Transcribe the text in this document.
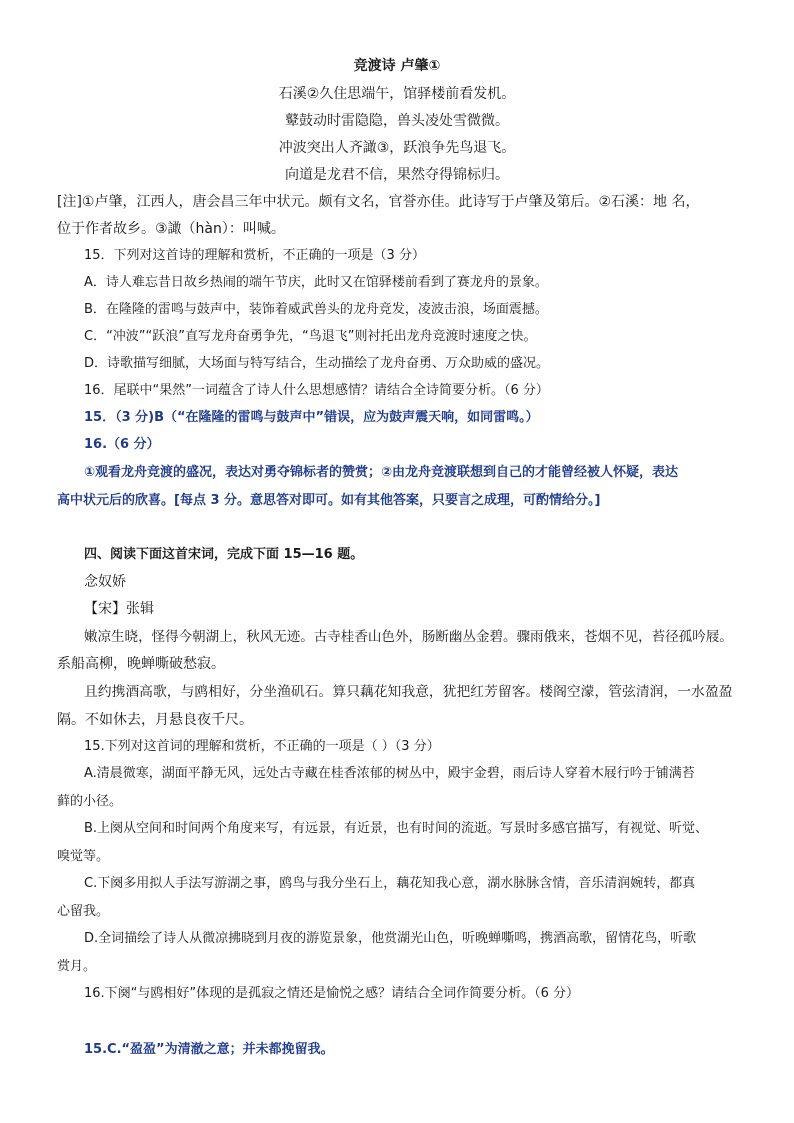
竞渡诗 卢肇①
石溪②久住思端午，馆驿楼前看发机。
鼙鼓动时雷隐隐，兽头凌处雪微微。
冲波突出人齐譀③，跃浪争先鸟退飞。
向道是龙君不信，果然夺得锦标归。
[注]①卢肇，江西人，唐会昌三年中状元。颇有文名，官誉亦佳。此诗写于卢肇及第后。②石溪：地 名，
位于作者故乡。③譀（hàn）：叫喊。
15．下列对这首诗的理解和赏析，不正确的一项是（3 分）
A．诗人难忘昔日故乡热闹的端午节庆，此时又在馆驿楼前看到了赛龙舟的景象。
B．在隆隆的雷鸣与鼓声中，装饰着威武兽头的龙舟竞发，凌波击浪，场面震撼。
C．“冲波”“跃浪”直写龙舟奋勇争先，“鸟退飞”则衬托出龙舟竞渡时速度之快。
D．诗歌描写细腻，大场面与特写结合，生动描绘了龙舟奋勇、万众助威的盛况。
16．尾联中“果然”一词蕴含了诗人什么思想感情？请结合全诗简要分析。（6 分）
15．（3 分)B（“在隆隆的雷鸣与鼓声中”错误，应为鼓声震天响，如同雷鸣。）
16.（6 分）
①观看龙舟竞渡的盛况，表达对勇夺锦标者的赞赏；②由龙舟竞渡联想到自己的才能曾经被人怀疑，表达
高中状元后的欣喜。[每点 3 分。意思答对即可。如有其他答案，只要言之成理，可酌情给分。]
四、阅读下面这首宋词，完成下面 15—16 题。
念奴娇
【宋】张辑
嫩凉生晓，怪得今朝湖上，秋风无迹。古寺桂香山色外，肠断幽丛金碧。骤雨俄来，苍烟不见，苔径孤吟屐。
系船高柳，晚蝉嘶破愁寂。
且约携酒高歌，与鸥相好，分坐渔矶石。算只藕花知我意，犹把红芳留客。楼阁空濛，管弦清润，一水盈盈
隔。不如休去，月悬良夜千尺。
15.下列对这首词的理解和赏析，不正确的一项是（ ）（3 分）
A.清晨微寒，湖面平静无风，远处古寺藏在桂香浓郁的树丛中，殿宇金碧，雨后诗人穿着木屐行吟于铺满苔
藓的小径。
B.上阕从空间和时间两个角度来写，有远景，有近景，也有时间的流逝。写景时多感官描写，有视觉、听觉、
嗅觉等。
C.下阕多用拟人手法写游湖之事，鸥鸟与我分坐石上，藕花知我心意，湖水脉脉含情，音乐清润婉转，都真
心留我。
D.全词描绘了诗人从微凉拂晓到月夜的游览景象，他赏湖光山色，听晚蝉嘶鸣，携酒高歌，留情花鸟，听歌
赏月。
16.下阕“与鸥相好”体现的是孤寂之情还是愉悦之感？请结合全词作简要分析。（6 分）
15.C.“盈盈”为清澈之意；并未都挽留我。
